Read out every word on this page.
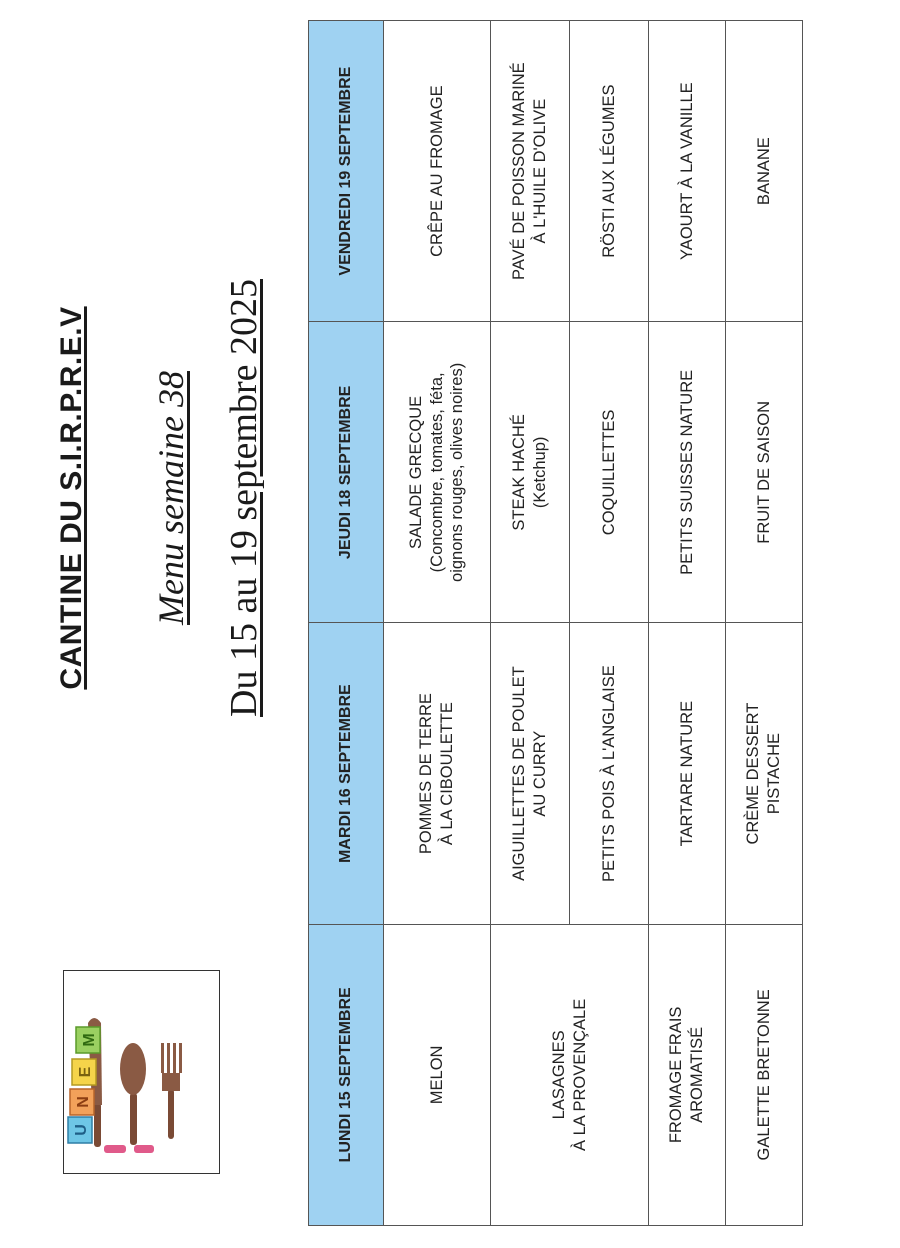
U
N
E
M
CANTINE DU S.I.R.P.R.E.V Menu semaine 38 Du 15 au 19 septembre 2025
LUNDI 15 SEPTEMBRE	MARDI 16 SEPTEMBRE	JEUDI 18 SEPTEMBRE	VENDREDI 19 SEPTEMBRE
MELON	POMMES DE TERRE À LA CIBOULETTE	SALADE GRECQUE (Concombre, tomates, féta, oignons rouges, olives noires)	CRÊPE AU FROMAGE

LASAGNES À LA PROVENÇALE	AIGUILLETTES DE POULET AU CURRY	STEAK HACHÉ (Ketchup)	PAVÉ DE POISSON MARINÉ À L'HUILE D'OLIVE

	PETITS POIS À L'ANGLAISE	COQUILLETTES	RÖSTI AUX LÉGUMES

FROMAGE FRAIS AROMATISÉ	TARTARE NATURE	PETITS SUISSES NATURE	YAOURT À LA VANILLE
GALETTE BRETONNE	CRÈME DESSERT PISTACHE	FRUIT DE SAISON	BANANE
